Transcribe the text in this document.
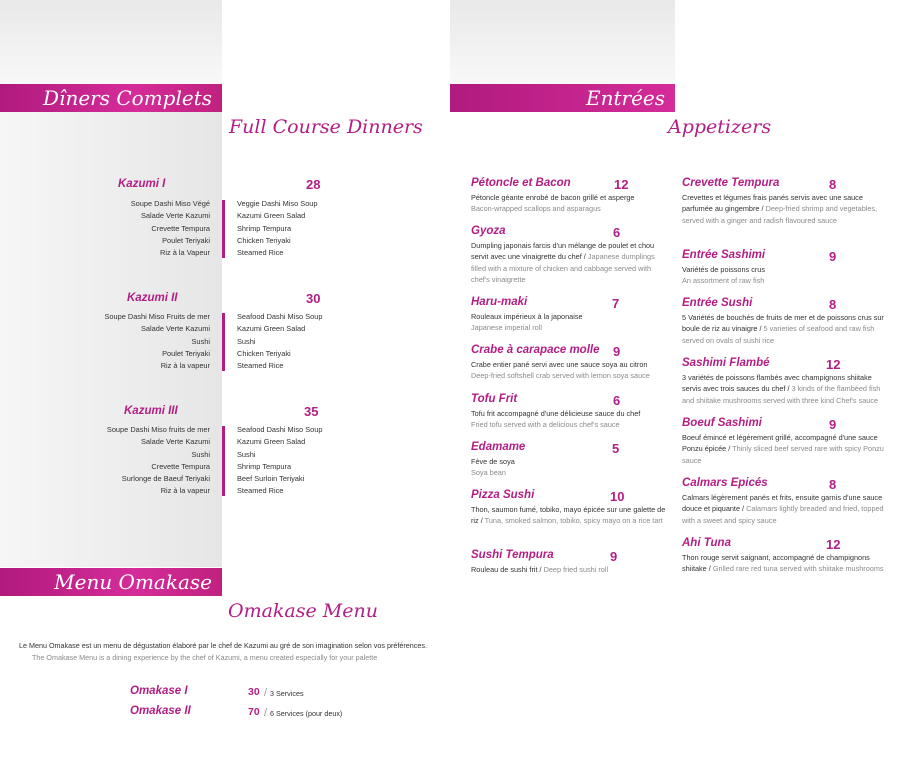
Dîners Complets
Full Course Dinners
Kazumi I	28
Soupe Dashi Miso Végé
Salade Verte Kazumi
Crevette Tempura
Poulet Teriyaki
Riz à la Vapeur
Veggie Dashi Miso Soup
Kazumi Green Salad
Shrimp Tempura
Chicken Teriyaki
Steamed Rice
Kazumi II	30
Soupe Dashi Miso Fruits de mer
Salade Verte Kazumi
Sushi
Poulet Teriyaki
Riz à la vapeur
Seafood Dashi Miso Soup
Kazumi Green Salad
Sushi
Chicken Teriyaki
Steamed Rice
Kazumi III	35
Soupe Dashi Miso fruits de mer
Salade Verte Kazumi
Sushi
Crevette Tempura
Surlonge de Baeuf Teriyaki
Riz à la vapeur
Seafood Dashi Miso Soup
Kazumi Green Salad
Sushi
Shrimp Tempura
Beef Surloin Teriyaki
Steamed Rice
Menu Omakase
Omakase Menu
Le Menu Omakase est un menu de dégustation élaboré par le chef de Kazumi au gré de son imagination selon vos préférences.
The Omakase Menu is a dining experience by the chef of Kazumi, a menu created especially for your palette
Omakase I	30 / 3 Services
Omakase II	70 / 6 Services (pour deux)
Entrées
Appetizers
Pétoncle et Bacon	12
Pétoncle géante enrobé de bacon grillé et asperge
Bacon-wrapped scallops and asparagus
Gyoza	6
Dumpling japonais farcis d'un mélange de poulet et chou servit avec une vinaigrette du chef / Japanese dumplings filled with a mixture of chicken and cabbage served with chef's vinaigrette
Haru-maki	7
Rouleaux impérieux à la japonaise
Japanese imperial roll
Crabe à carapace molle	9
Crabe entier pané servi avec une sauce soya au citron
Deep-fried softshell crab served with lemon soya sauce
Tofu Frit	6
Tofu frit accompagné d'une délicieuse sauce du chef
Fried tofu served with a delicious chef's sauce
Edamame	5
Fève de soya
Soya bean
Pizza Sushi	10
Thon, saumon fumé, tobiko, mayo épicée sur une galette de riz / Tuna, smoked salmon, tobiko, spicy mayo on a rice tart
Sushi Tempura	9
Rouleau de sushi frit / Deep fried sushi roll
Crevette Tempura	8
Crevettes et légumes frais panés servis avec une sauce parfumée au gingembre / Deep-fried shrimp and vegetables, served with a ginger and radish flavoured sauce
Entrée Sashimi	9
Variétés de poissons crus
An assortment of raw fish
Entrée Sushi	8
5 Variétés de bouchés de fruits de mer et de poissons crus sur boule de riz au vinaigre / 5 varieties of seafood and raw fish served on ovals of sushi rice
Sashimi Flambé	12
3 variétés de poissons flambés avec champignons shiitake servis avec trois sauces du chef / 3 kinds of the flambéed fish and shiitake mushrooms served with three kind Chef's sauce
Boeuf Sashimi	9
Boeuf émincé et légèrement grillé, accompagné d'une sauce Ponzu épicée / Thinly sliced beef served rare with spicy Ponzu sauce
Calmars Epicés	8
Calmars légèrement panés et frits, ensuite garnis d'une sauce douce et piquante / Calamars lightly breaded and fried, topped with a sweet and spicy sauce
Ahi Tuna	12
Thon rouge servit saignant, accompagné de champignons shiitake / Grilled rare red tuna served with shiitake mushrooms
